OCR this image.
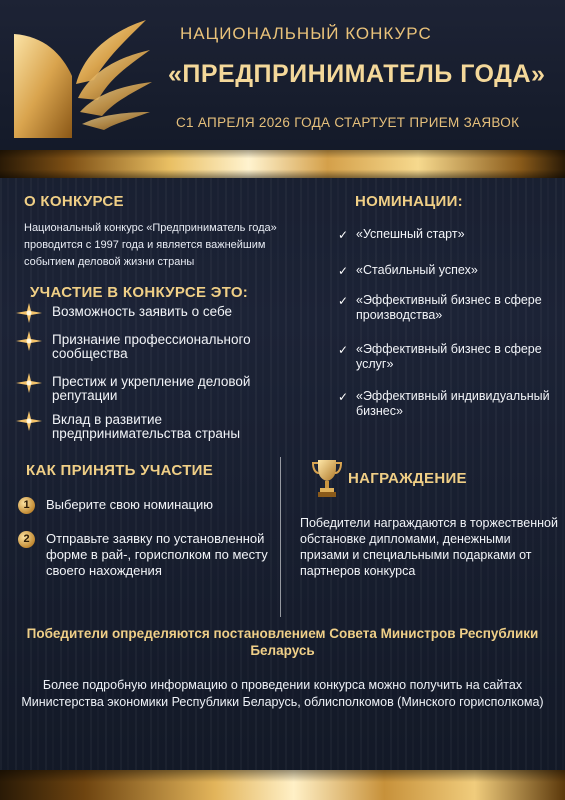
НАЦИОНАЛЬНЫЙ КОНКУРС
«ПРЕДПРИНИМАТЕЛЬ ГОДА»
С1 АПРЕЛЯ 2026 ГОДА СТАРТУЕТ ПРИЕМ ЗАЯВОК
О КОНКУРСЕ
Национальный конкурс «Предприниматель года» проводится с 1997 года и является важнейшим событием деловой жизни страны
УЧАСТИЕ В КОНКУРСЕ ЭТО:
Возможность заявить о себе
Признание профессионального сообщества
Престиж и укрепление деловой репутации
Вклад в развитие предпринимательства страны
НОМИНАЦИИ:
✓ «Успешный старт»
✓ «Стабильный успех»
✓ «Эффективный бизнес в сфере производства»
✓ «Эффективный бизнес в сфере услуг»
✓ «Эффективный индивидуальный бизнес»
КАК ПРИНЯТЬ УЧАСТИЕ
1	Выберите свою номинацию
2	Отправьте заявку по установленной форме в рай-, горисполком по месту своего нахождения
НАГРАЖДЕНИЕ
Победители награждаются в торжественной обстановке дипломами, денежными призами и специальными подарками от партнеров конкурса
Победители определяются постановлением Совета Министров Республики Беларусь
Более подробную информацию о проведении конкурса можно получить на сайтах Министерства экономики Республики Беларусь, облисполкомов (Минского горисполкома)
